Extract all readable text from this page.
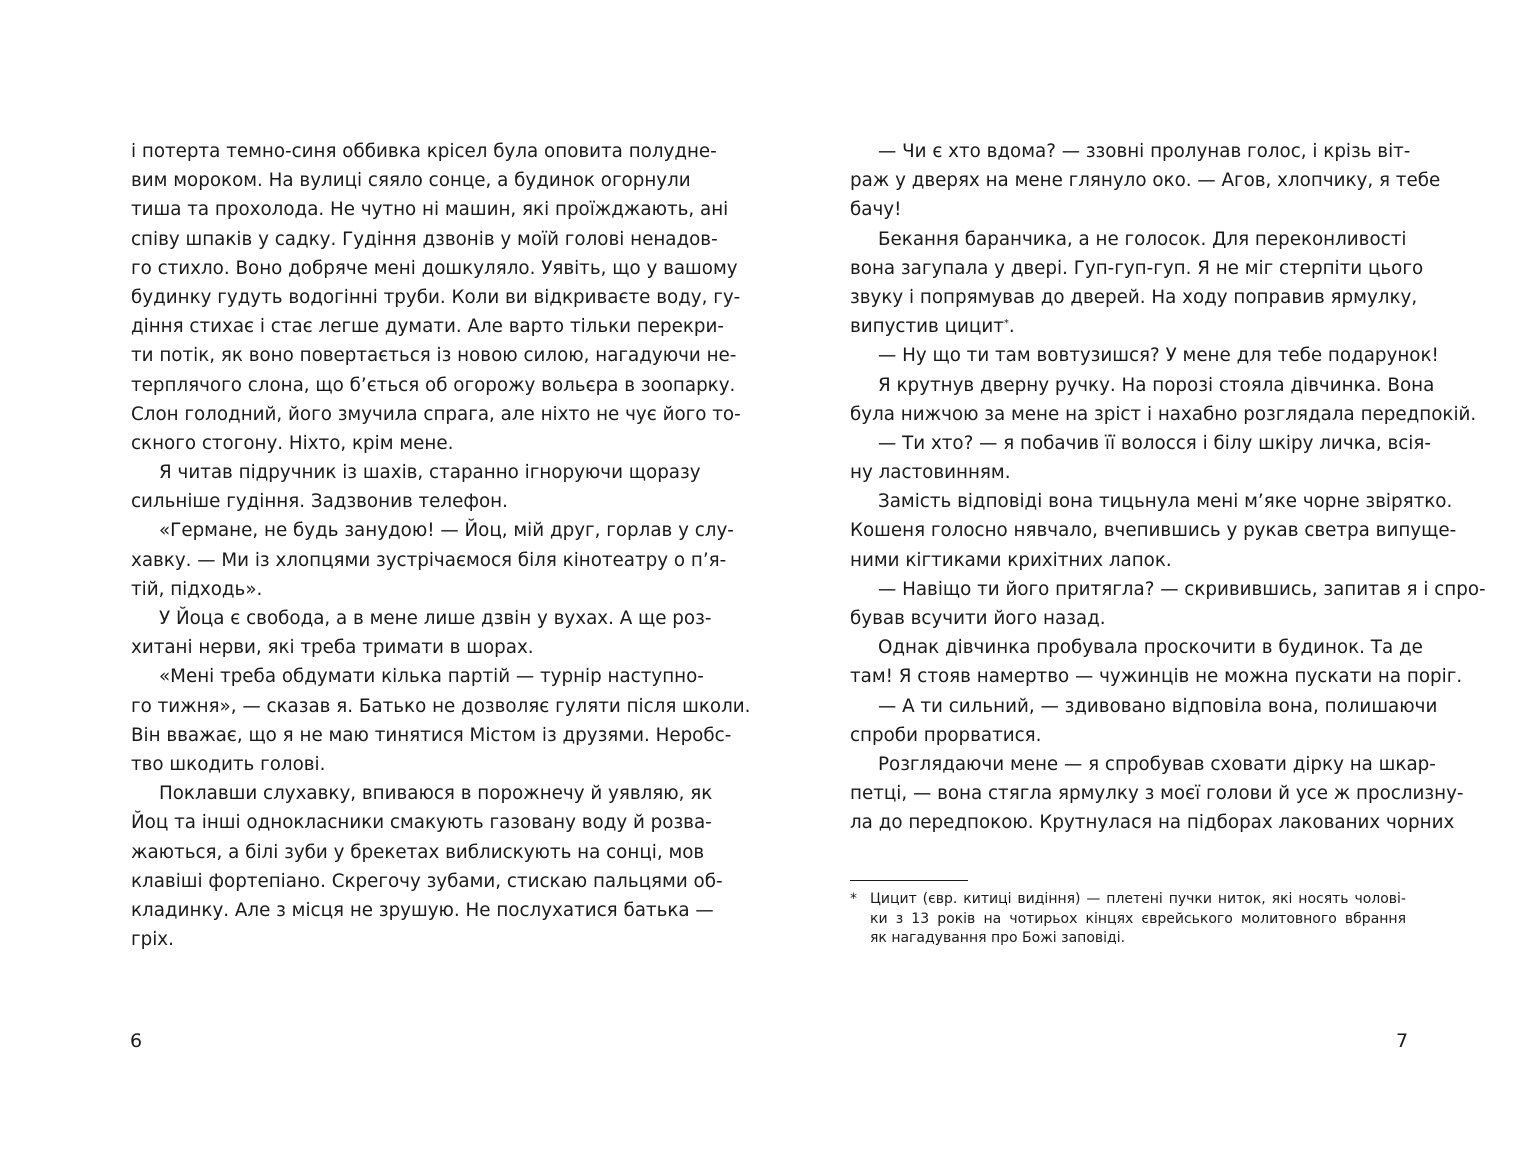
і потерта темно-синя оббивка крісел була оповита полудне-
вим мороком. На вулиці сяяло сонце, а будинок огорнули
тиша та прохолода. Не чутно ні машин, які проїжджають, ані
співу шпаків у садку. Гудіння дзвонів у моїй голові ненадов-
го стихло. Воно добряче мені дошкуляло. Уявіть, що у вашому
будинку гудуть водогінні труби. Коли ви відкриваєте воду, гу-
діння стихає і стає легше думати. Але варто тільки перекри-
ти потік, як воно повертається із новою силою, нагадуючи не-
терплячого слона, що б’ється об огорожу вольєра в зоопарку.
Слон голодний, його змучила спрага, але ніхто не чує його то-
скного стогону. Ніхто, крім мене.
Я читав підручник із шахів, старанно ігноруючи щоразу
сильніше гудіння. Задзвонив телефон.
«Германе, не будь занудою! — Йоц, мій друг, горлав у слу-
хавку. — Ми із хлопцями зустрічаємося біля кінотеатру о п’я-
тій, підходь».
У Йоца є свобода, а в мене лише дзвін у вухах. А ще роз-
хитані нерви, які треба тримати в шорах.
«Мені треба обдумати кілька партій — турнір наступно-
го тижня», — сказав я. Батько не дозволяє гуляти після школи.
Він вважає, що я не маю тинятися Містом із друзями. Неробс-
тво шкодить голові.
Поклавши слухавку, впиваюся в порожнечу й уявляю, як
Йоц та інші однокласники смакують газовану воду й розва-
жаються, а білі зуби у брекетах виблискують на сонці, мов
клавіші фортепіано. Скрегочу зубами, стискаю пальцями об-
кладинку. Але з місця не зрушую. Не послухатися батька —
гріх.
6
— Чи є хто вдома? — ззовні пролунав голос, і крізь віт-
раж у дверях на мене глянуло око. — Агов, хлопчику, я тебе
бачу!
Бекання баранчика, а не голосок. Для переконливості
вона загупала у двері. Гуп-гуп-гуп. Я не міг стерпіти цього
звуку і попрямував до дверей. На ходу поправив ярмулку,
випустив цицит*.
— Ну що ти там вовтузишся? У мене для тебе подарунок!
Я крутнув дверну ручку. На порозі стояла дівчинка. Вона
була нижчою за мене на зріст і нахабно розглядала передпокій.
— Ти хто? — я побачив її волосся і білу шкіру личка, всія-
ну ластовинням.
Замість відповіді вона тицьнула мені м’яке чорне звірятко.
Кошеня голосно нявчало, вчепившись у рукав светра випуще-
ними кігтиками крихітних лапок.
— Навіщо ти його притягла? — скривившись, запитав я і спро-
бував всучити його назад.
Однак дівчинка пробувала проскочити в будинок. Та де
там! Я стояв намертво — чужинців не можна пускати на поріг.
— А ти сильний, — здивовано відповіла вона, полишаючи
спроби прорватися.
Розглядаючи мене — я спробував сховати дірку на шкар-
петці, — вона стягла ярмулку з моєї голови й усе ж прослизну-
ла до передпокою. Крутнулася на підборах лакованих чорних
* Цицит (євр. китиці видіння) — плетені пучки ниток, які носять чолові-
ки з 13 років на чотирьох кінцях єврейського молитовного вбрання
як нагадування про Божі заповіді.
7
